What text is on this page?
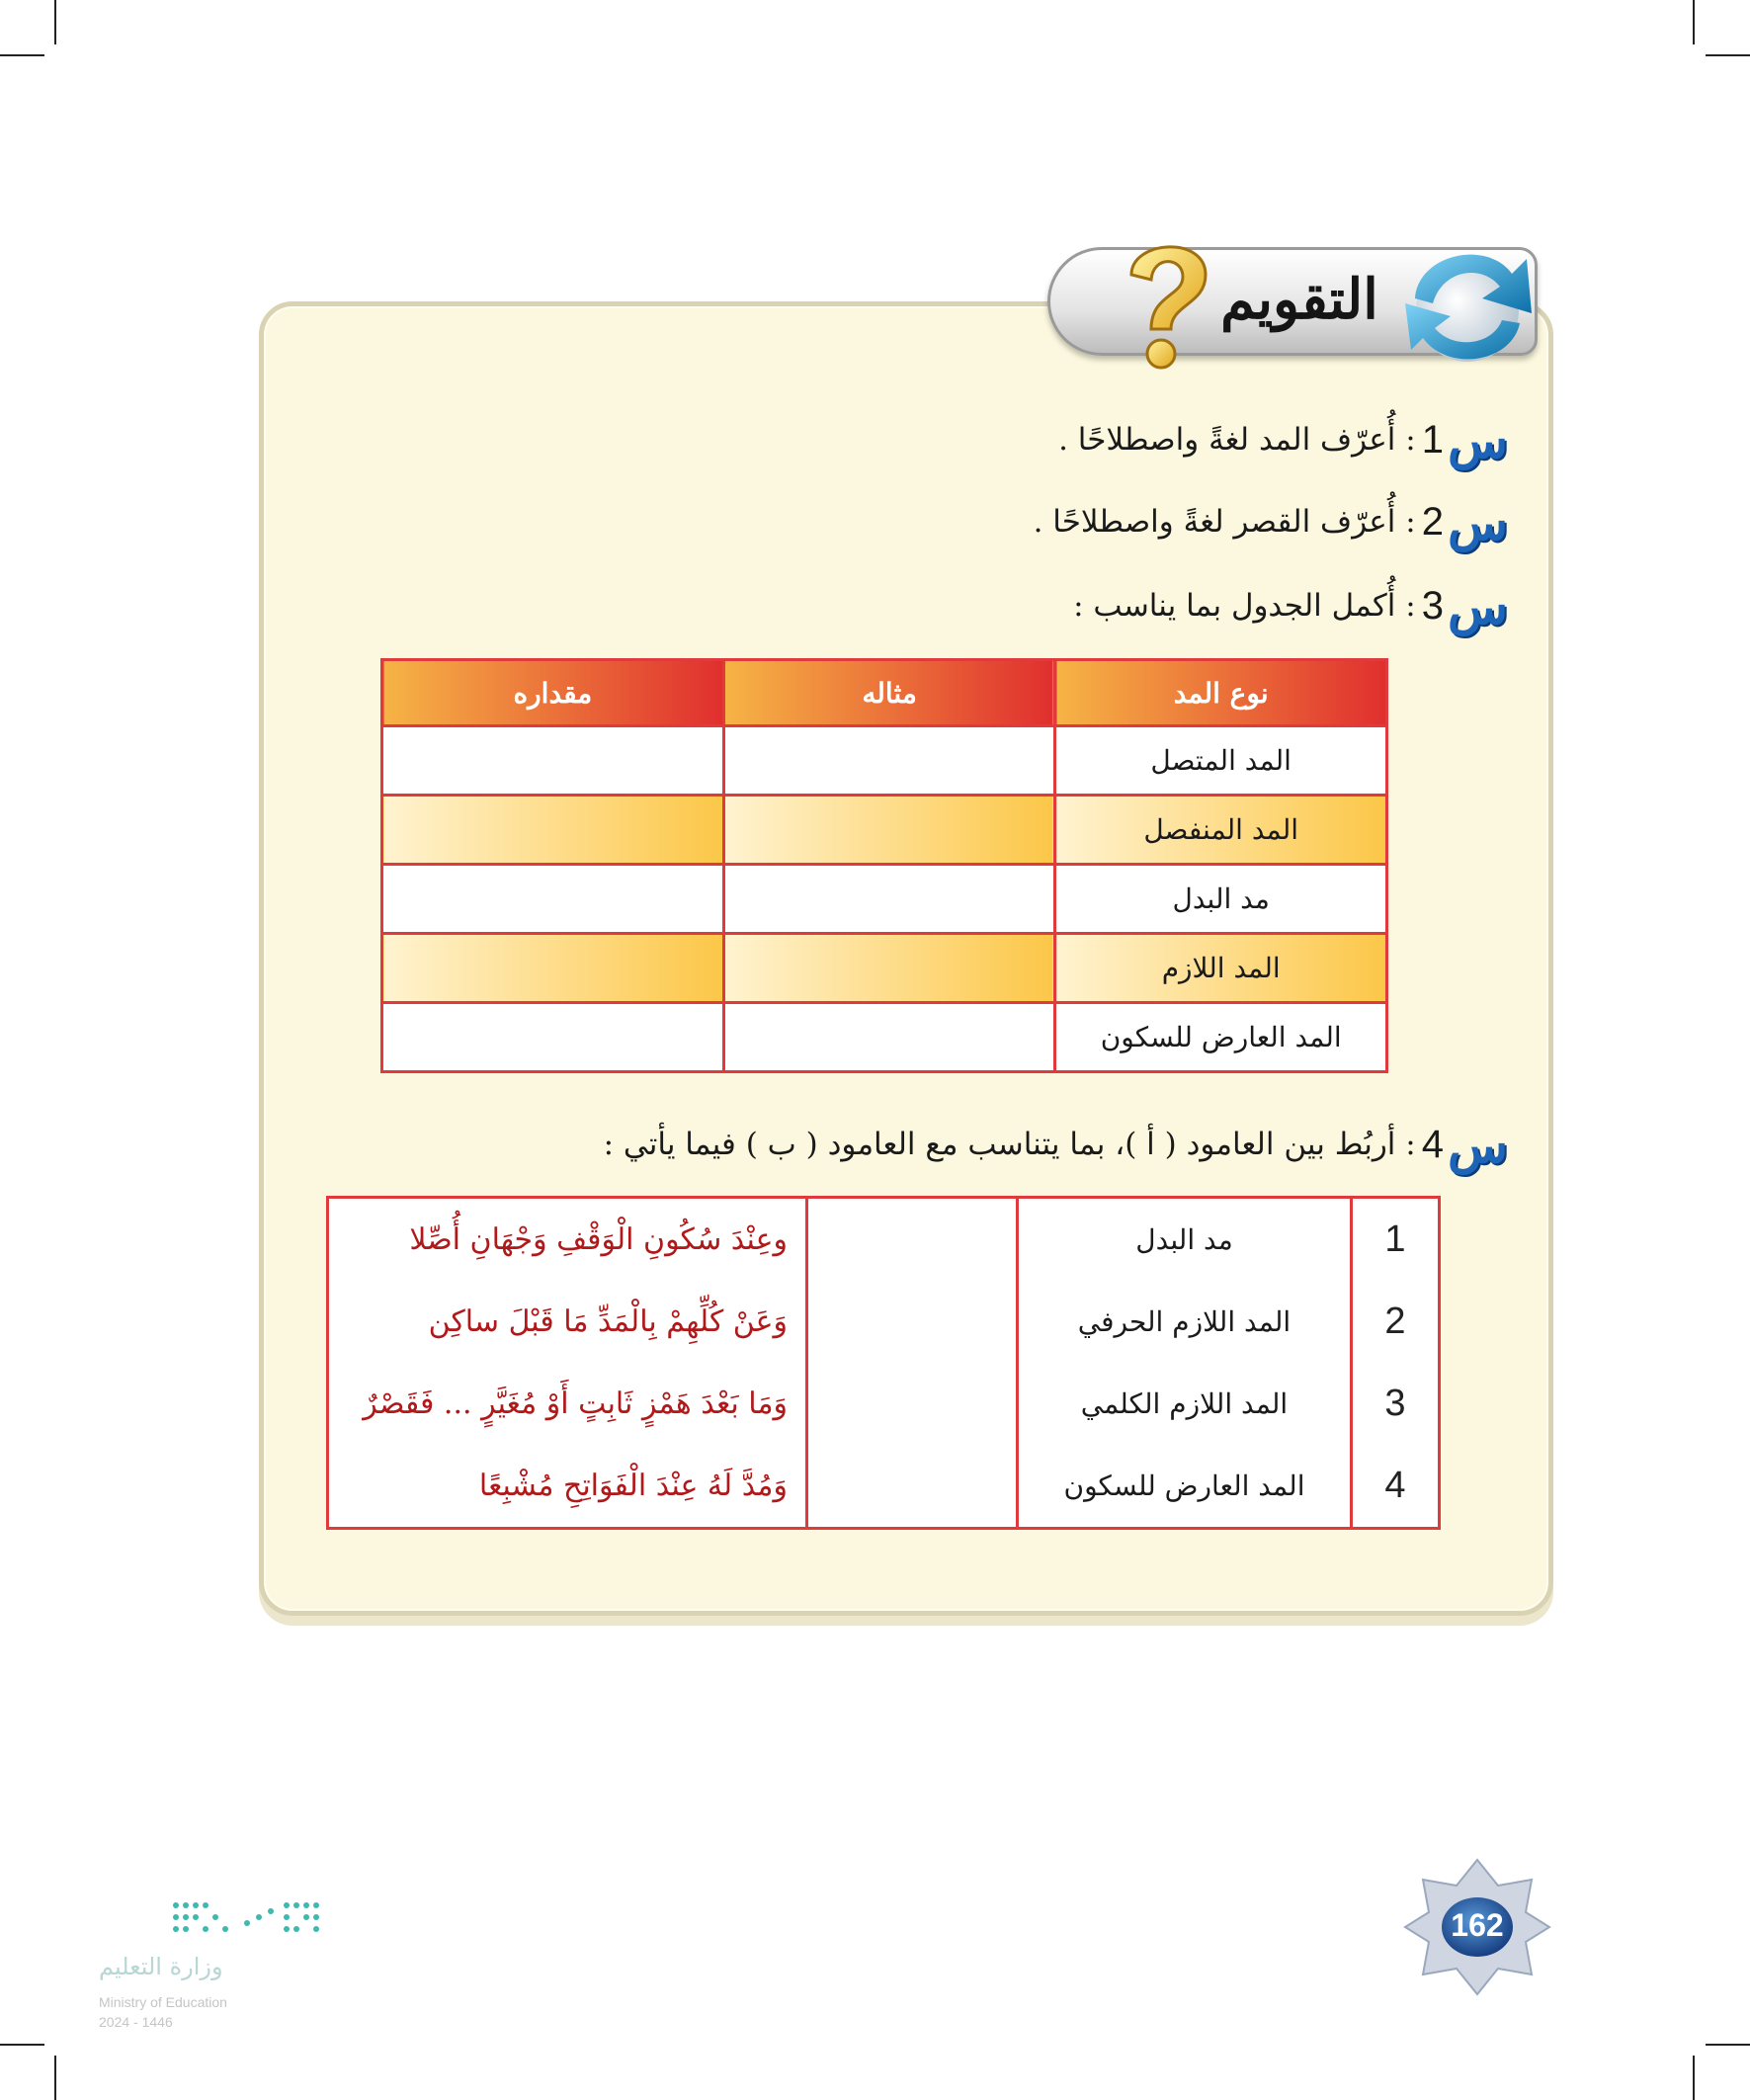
التقويم
س
1
: أُعرّف المد لغةً واصطلاحًا .
س
2
: أُعرّف القصر لغةً واصطلاحًا .
س
3
: أُكمل الجدول بما يناسب :
نوع المد	مثاله	مقداره
المد المتصل		
المد المنفصل		
مد البدل		
المد اللازم		
المد العارض للسكون		
س
4
: أربُط بين العامود ( أ )، بما يتناسب مع العامود ( ب ) فيما يأتي :
1	مد البدل		وعِنْدَ سُكُونِ الْوَقْفِ وَجْهَانِ أُصِّلا
2	المد اللازم الحرفي		وَعَنْ كُلِّهِمْ بِالْمَدِّ مَا قَبْلَ ساكِن
3	المد اللازم الكلمي		وَمَا بَعْدَ هَمْزٍ ثَابِتٍ أَوْ مُغَيَّرٍ ... فَقَصْرٌ
4	المد العارض للسكون		وَمُدَّ لَهُ عِنْدَ الْفَوَاتِحِ مُشْبِعًا
162
وزارة التعليم
Ministry of Education
2024 - 1446
